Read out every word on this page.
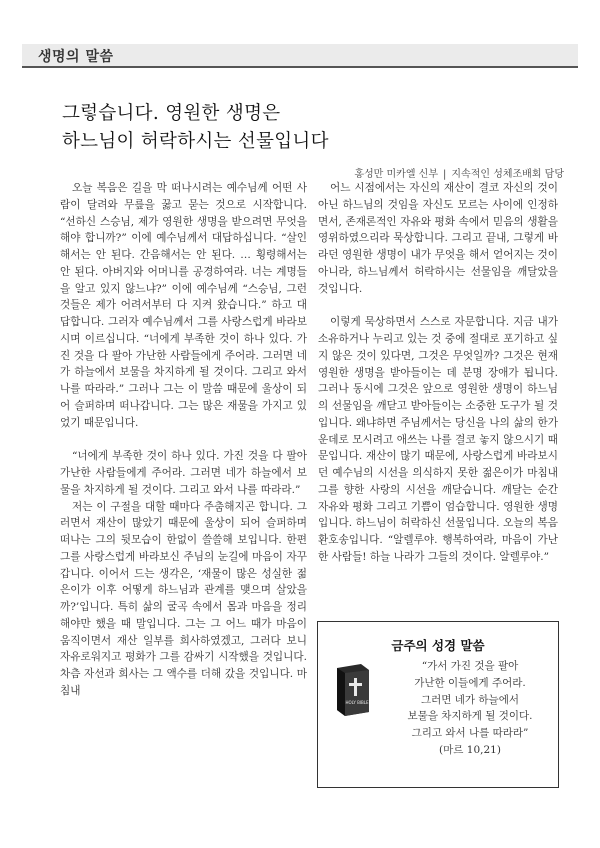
생명의 말씀
그렇습니다. 영원한 생명은
하느님이 허락하시는 선물입니다
홍성만 미카엘 신부 | 지속적인 성체조배회 담당

오늘 복음은 길을 막 떠나시려는 예수님께 어떤 사람이 달려와 무릎을 꿇고 묻는 것으로 시작합니다. “선하신 스승님, 제가 영원한 생명을 받으려면 무엇을 해야 합니까?” 이에 예수님께서 대답하십니다. “살인해서는 안 된다. 간음해서는 안 된다. … 횡령해서는 안 된다. 아버지와 어머니를 공경하여라. 너는 계명들을 알고 있지 않느냐?” 이에 예수님께 “스승님, 그런 것들은 제가 어려서부터 다 지켜 왔습니다.” 하고 대답합니다. 그러자 예수님께서 그를 사랑스럽게 바라보시며 이르십니다. “너에게 부족한 것이 하나 있다. 가진 것을 다 팔아 가난한 사람들에게 주어라. 그러면 네가 하늘에서 보물을 차지하게 될 것이다. 그리고 와서 나를 따라라.” 그러나 그는 이 말씀 때문에 울상이 되어 슬퍼하며 떠나갑니다. 그는 많은 재물을 가지고 있었기 때문입니다.

“너에게 부족한 것이 하나 있다. 가진 것을 다 팔아 가난한 사람들에게 주어라. 그러면 네가 하늘에서 보물을 차지하게 될 것이다. 그리고 와서 나를 따라라.”

저는 이 구절을 대할 때마다 주춤해지곤 합니다. 그러면서 재산이 많았기 때문에 울상이 되어 슬퍼하며 떠나는 그의 뒷모습이 한없이 쓸쓸해 보입니다. 한편 그를 사랑스럽게 바라보신 주님의 눈길에 마음이 자꾸 갑니다. 이어서 드는 생각은, ‘재물이 많은 성실한 젊은이가 이후 어떻게 하느님과 관계를 맺으며 살았을까?’입니다. 특히 삶의 굴곡 속에서 몸과 마음을 정리해야만 했을 때 말입니다. 그는 그 어느 때가 마음이 움직이면서 재산 일부를 희사하였겠고, 그러다 보니 자유로워지고 평화가 그를 감싸기 시작했을 것입니다. 차츰 자선과 희사는 그 액수를 더해 갔을 것입니다. 마침내

어느 시점에서는 자신의 재산이 결코 자신의 것이 아닌 하느님의 것임을 자신도 모르는 사이에 인정하면서, 존재론적인 자유와 평화 속에서 믿음의 생활을 영위하였으리라 묵상합니다. 그리고 끝내, 그렇게 바라던 영원한 생명이 내가 무엇을 해서 얻어지는 것이 아니라, 하느님께서 허락하시는 선물임을 깨달았을 것입니다.

이렇게 묵상하면서 스스로 자문합니다. 지금 내가 소유하거나 누리고 있는 것 중에 절대로 포기하고 싶지 않은 것이 있다면, 그것은 무엇일까? 그것은 현재 영원한 생명을 받아들이는 데 분명 장애가 됩니다. 그러나 동시에 그것은 앞으로 영원한 생명이 하느님의 선물임을 깨닫고 받아들이는 소중한 도구가 될 것입니다. 왜냐하면 주님께서는 당신을 나의 삶의 한가운데로 모시려고 애쓰는 나를 결코 놓지 않으시기 때문입니다. 재산이 많기 때문에, 사랑스럽게 바라보시던 예수님의 시선을 의식하지 못한 젊은이가 마침내 그를 향한 사랑의 시선을 깨닫습니다. 깨달는 순간 자유와 평화 그리고 기쁨이 엄습합니다. 영원한 생명입니다. 하느님이 허락하신 선물입니다. 오늘의 복음환호송입니다. “알렐루야. 행복하여라, 마음이 가난한 사람들! 하늘 나라가 그들의 것이다. 알렐루야.”

금주의 성경 말씀
HOLY BIBLE
“가서 가진 것을 팔아
가난한 이들에게 주어라.
그러면 네가 하늘에서
보물을 차지하게 될 것이다.
그리고 와서 나를 따라라”
(마르 10,21)
